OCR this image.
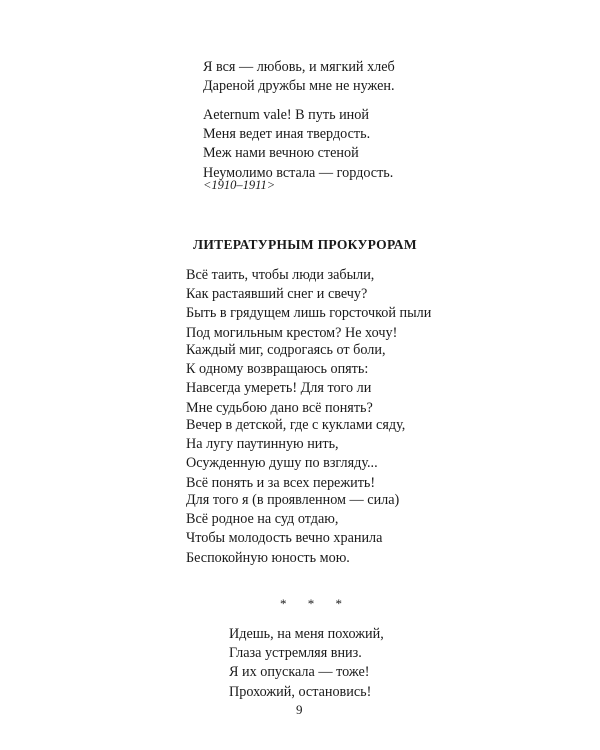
Я вся — любовь, и мягкий хлеб
Дареной дружбы мне не нужен.
Aeternum vale! В путь иной
Меня ведет иная твердость.
Меж нами вечною стеной
Неумолимо встала — гордость.
<1910–1911>
ЛИТЕРАТУРНЫМ ПРОКУРОРАМ
Всё таить, чтобы люди забыли,
Как растаявший снег и свечу?
Быть в грядущем лишь горсточкой пыли
Под могильным крестом? Не хочу!
Каждый миг, содрогаясь от боли,
К одному возвращаюсь опять:
Навсегда умереть! Для того ли
Мне судьбою дано всё понять?
Вечер в детской, где с куклами сяду,
На лугу паутинную нить,
Осужденную душу по взгляду...
Всё понять и за всех пережить!
Для того я (в проявленном — сила)
Всё родное на суд отдаю,
Чтобы молодость вечно хранила
Беспокойную юность мою.
* * *
Идешь, на меня похожий,
Глаза устремляя вниз.
Я их опускала — тоже!
Прохожий, остановись!
9
